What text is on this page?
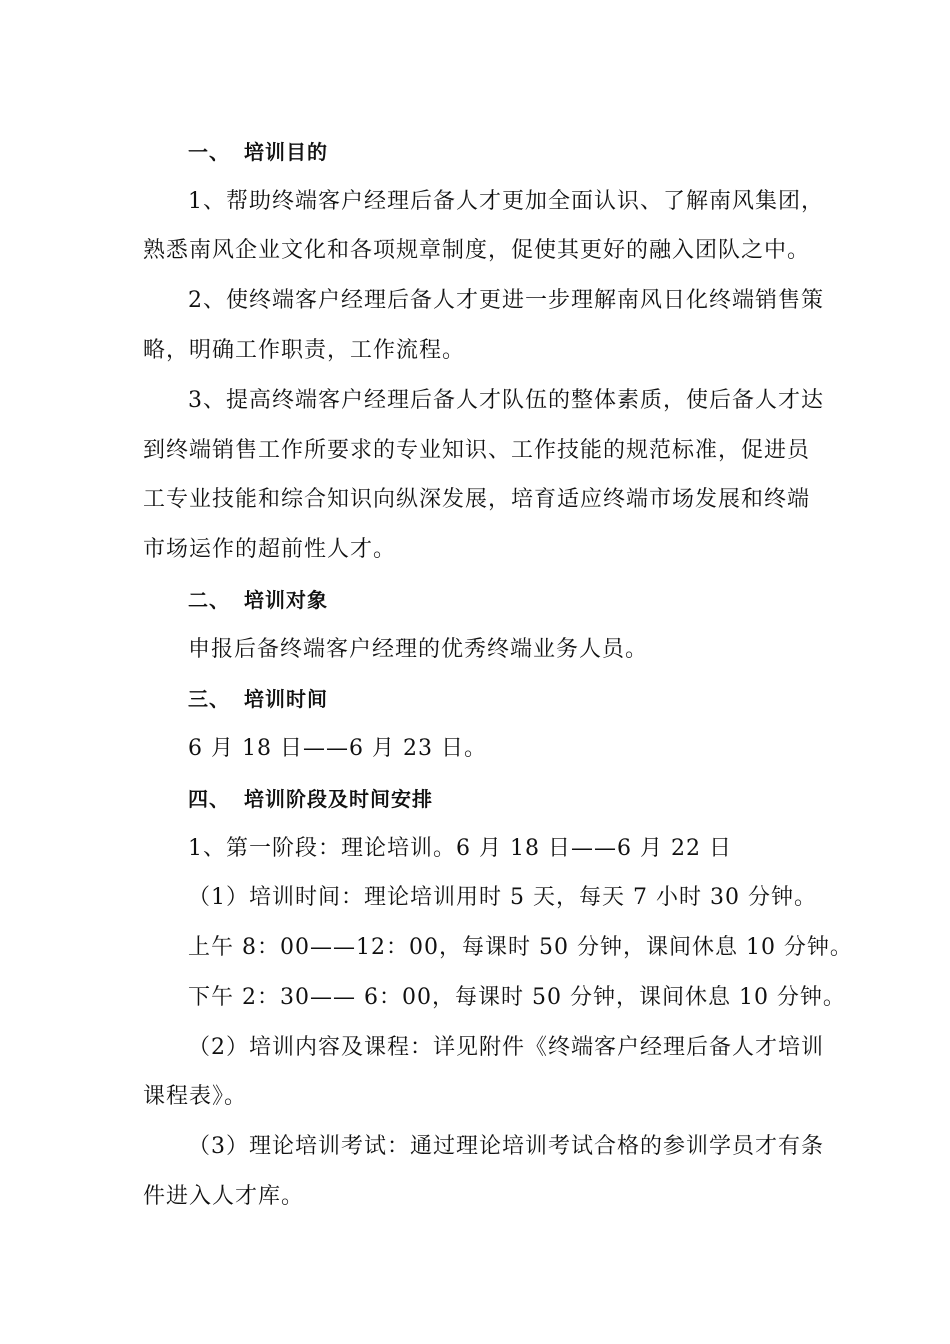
一、 培训目的
1、帮助终端客户经理后备人才更加全面认识、了解南风集团，
熟悉南风企业文化和各项规章制度，促使其更好的融入团队之中。
2、使终端客户经理后备人才更进一步理解南风日化终端销售策
略，明确工作职责，工作流程。
3、提高终端客户经理后备人才队伍的整体素质，使后备人才达
到终端销售工作所要求的专业知识、工作技能的规范标准，促进员
工专业技能和综合知识向纵深发展，培育适应终端市场发展和终端
市场运作的超前性人才。
二、 培训对象
申报后备终端客户经理的优秀终端业务人员。
三、 培训时间
6 月 18 日——6 月 23 日。
四、 培训阶段及时间安排
1、第一阶段：理论培训。6 月 18 日——6 月 22 日
（1）培训时间：理论培训用时 5 天，每天 7 小时 30 分钟。
上午 8：00——12：00，每课时 50 分钟，课间休息 10 分钟。
下午 2：30—— 6：00，每课时 50 分钟，课间休息 10 分钟。
（2）培训内容及课程：详见附件《终端客户经理后备人才培训
课程表》。
（3）理论培训考试：通过理论培训考试合格的参训学员才有条
件进入人才库。
